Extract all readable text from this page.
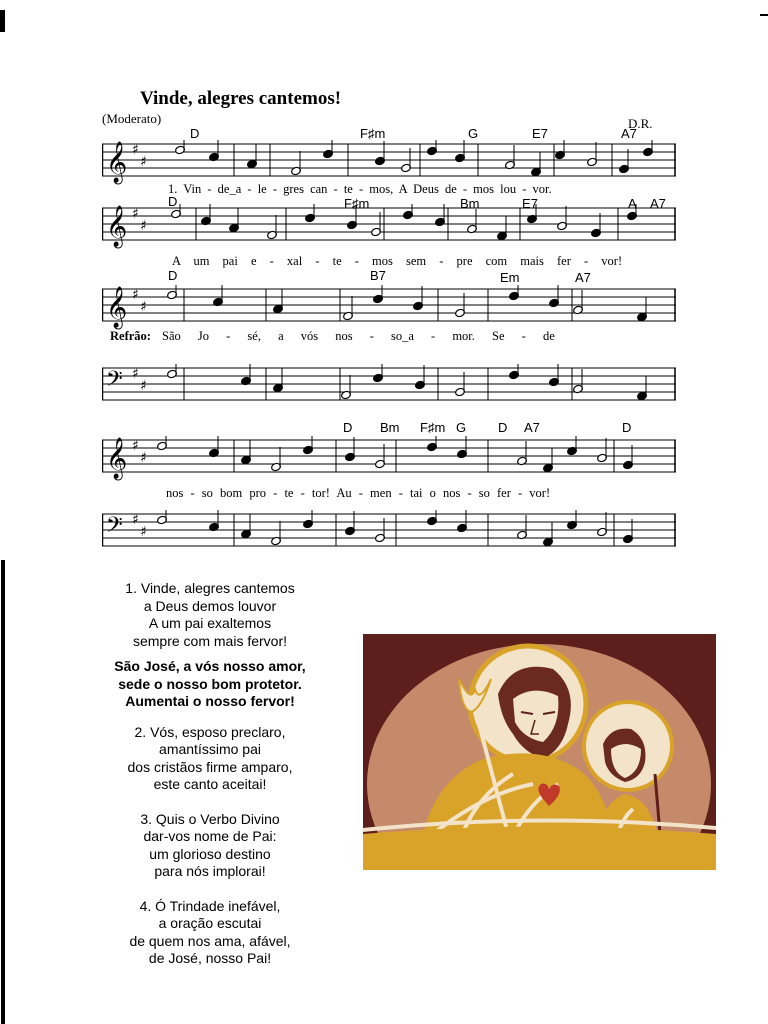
Vinde, alegres cantemos!
(Moderato)	D.R.
D	F♯m	G	E7	A7
𝄞 ♯
♯
1. Vin - de_a - le - gres can - te - mos, A Deus de - mos lou - vor.
D	F♯m	Bm	E7	A A7
𝄞 ♯
♯
A um pai e - xal - te - mos sem - pre com mais fer - vor!
D	B7	Em	A7
𝄞 ♯
♯
Refrão: São Jo - sé, a vós nos - so_a - mor. Se - de
𝄢 ♯
♯
D Bm F♯m G D A7	D
𝄞 ♯
♯
nos - so bom pro - te - tor! Au - men - tai o nos - so fer - vor!
𝄢 ♯
♯

1. Vinde, alegres cantemos

a Deus demos louvor

A um pai exaltemos

sempre com mais fervor!

São José, a vós nosso amor,

sede o nosso bom protetor.

Aumentai o nosso fervor!

2. Vós, esposo preclaro,

amantíssimo pai

dos cristãos firme amparo,

este canto aceitai!

3. Quis o Verbo Divino

dar-vos nome de Pai:

um glorioso destino

para nós implorai!

4. Ó Trindade inefável,

a oração escutai

de quem nos ama, afável,

de José, nosso Pai!
